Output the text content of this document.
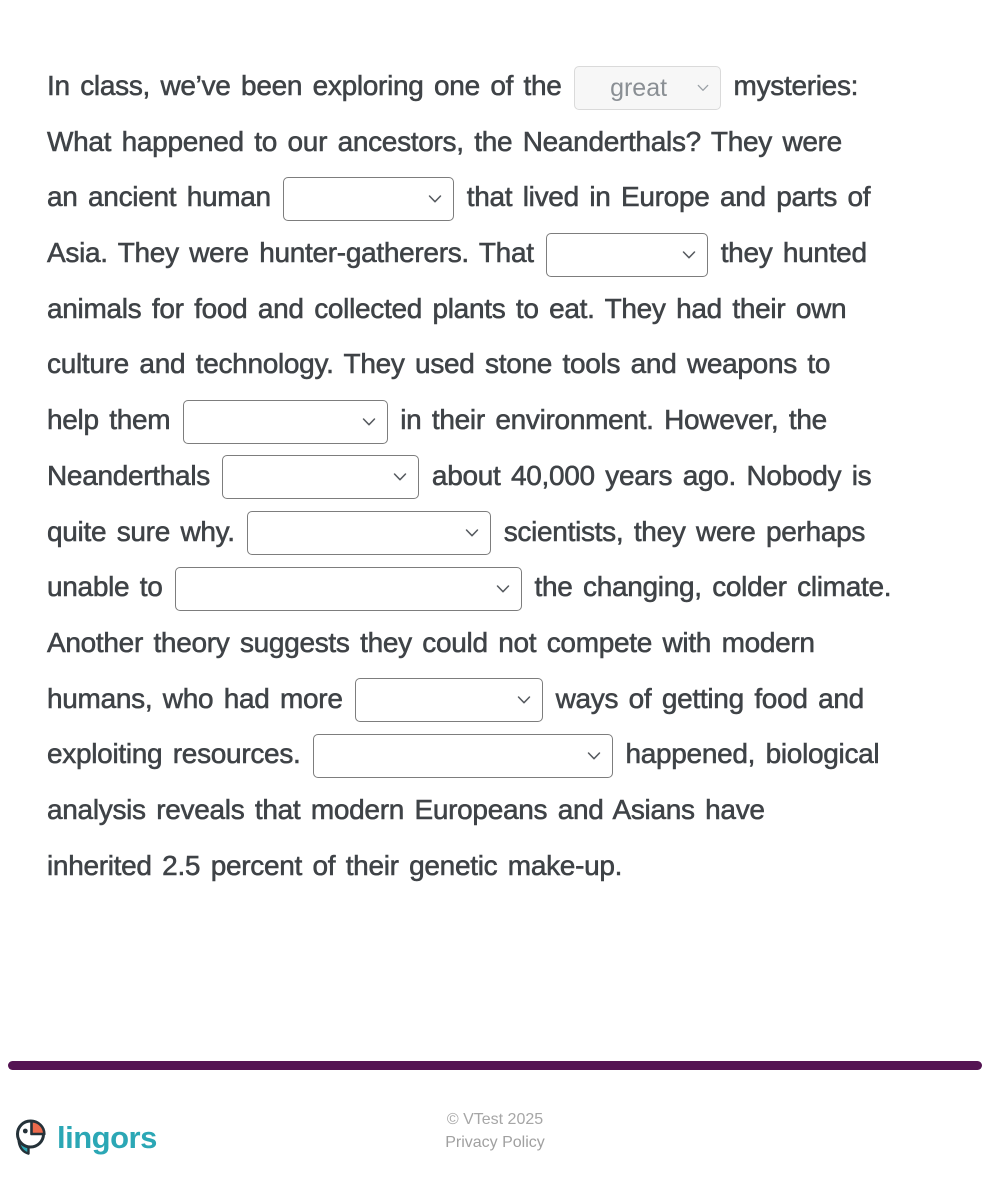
In class, we’ve been exploring one of the	great	mysteries:
What happened to our ancestors, the Neanderthals? They were
an ancient human	that lived in Europe and parts of
Asia. They were hunter-gatherers. That	they hunted
animals for food and collected plants to eat. They had their own
culture and technology. They used stone tools and weapons to
help them	in their environment. However, the
Neanderthals	about 40,000 years ago. Nobody is
quite sure why.	scientists, they were perhaps
unable to	the changing, colder climate.
Another theory suggests they could not compete with modern
humans, who had more	ways of getting food and
exploiting resources.	happened, biological
analysis reveals that modern Europeans and Asians have
inherited 2.5 percent of their genetic make-up.
lingors	© VTest 2025
Privacy Policy
